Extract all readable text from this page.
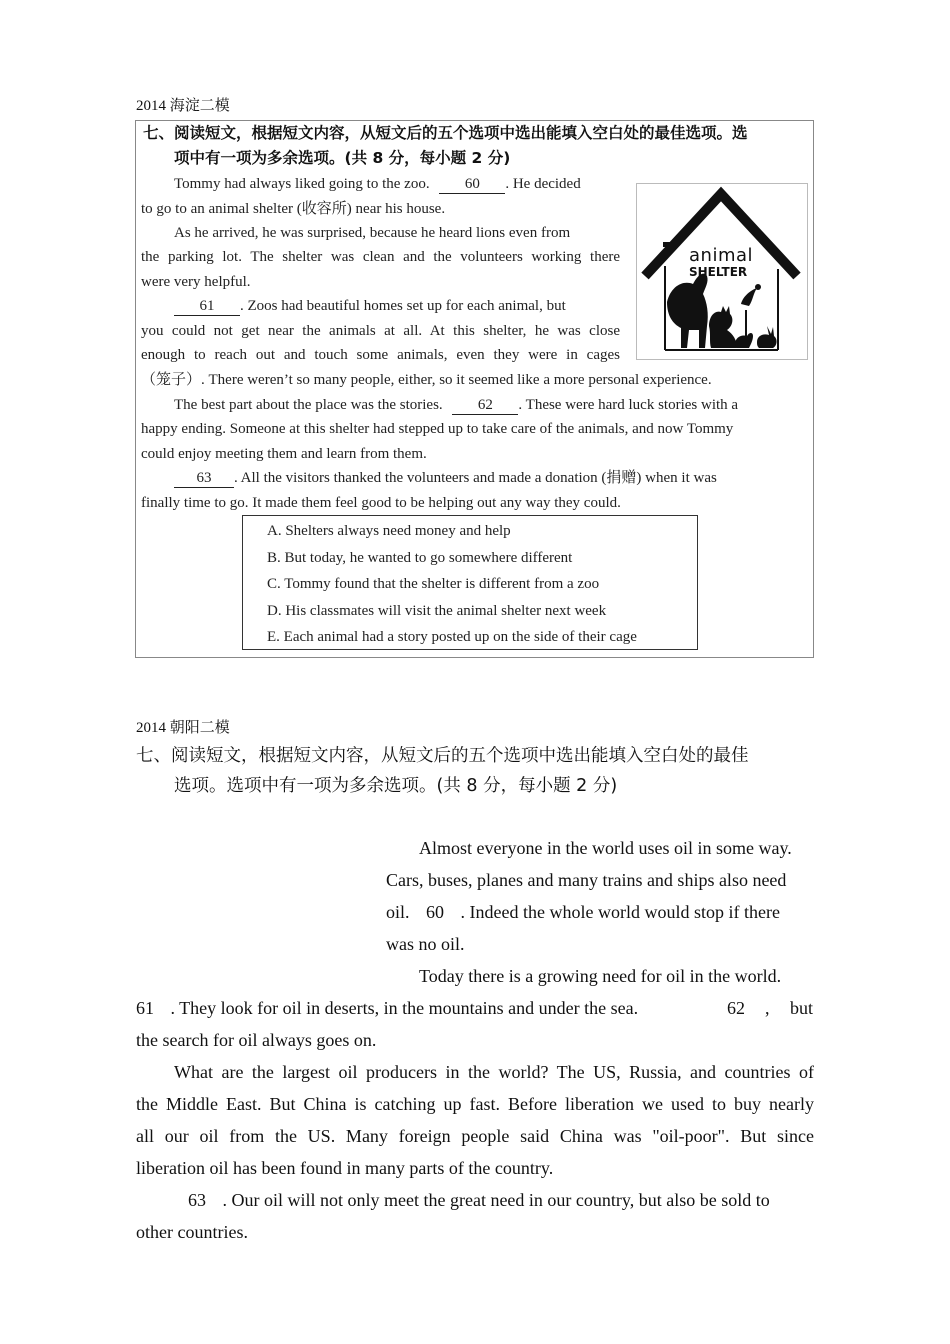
2014 海淀二模
七、阅读短文，根据短文内容，从短文后的五个选项中选出能填入空白处的最佳选项。选
项中有一项为多余选项。(共 8 分，每小题 2 分)
Tommy had always liked going to the zoo. 60 . He decided
to go to an animal shelter (收容所) near his house.
As he arrived, he was surprised, because he heard lions even from
the parking lot. The shelter was clean and the volunteers working there
were very helpful.
61 . Zoos had beautiful homes set up for each animal, but
you could not get near the animals at all. At this shelter, he was close
enough to reach out and touch some animals, even they were in cages
（笼子）. There weren’t so many people, either, so it seemed like a more personal experience.
The best part about the place was the stories. 62 . These were hard luck stories with a
happy ending. Someone at this shelter had stepped up to take care of the animals, and now Tommy
could enjoy meeting them and learn from them.
63 . All the visitors thanked the volunteers and made a donation (捐赠) when it was
finally time to go. It made them feel good to be helping out any way they could.
A. Shelters always need money and help
B. But today, he wanted to go somewhere different
C. Tommy found that the shelter is different from a zoo
D. His classmates will visit the animal shelter next week
E. Each animal had a story posted up on the side of their cage
animal
SHELTER
2014 朝阳二模
七、阅读短文，根据短文内容，从短文后的五个选项中选出能填入空白处的最佳
选项。选项中有一项为多余选项。(共 8 分，每小题 2 分)
Almost everyone in the world uses oil in some way.
Cars, buses, planes and many trains and ships also need
oil. 60 . Indeed the whole world would stop if there
was no oil.
Today there is a growing need for oil in the world.
61 . They look for oil in deserts, in the mountains and under the sea.	62 , but
the search for oil always goes on.
What are the largest oil producers in the world? The US, Russia, and countries of
the Middle East. But China is catching up fast. Before liberation we used to buy nearly
all our oil from the US. Many foreign people said China was "oil-poor". But since
liberation oil has been found in many parts of the country.
63 . Our oil will not only meet the great need in our country, but also be sold to
other countries.
